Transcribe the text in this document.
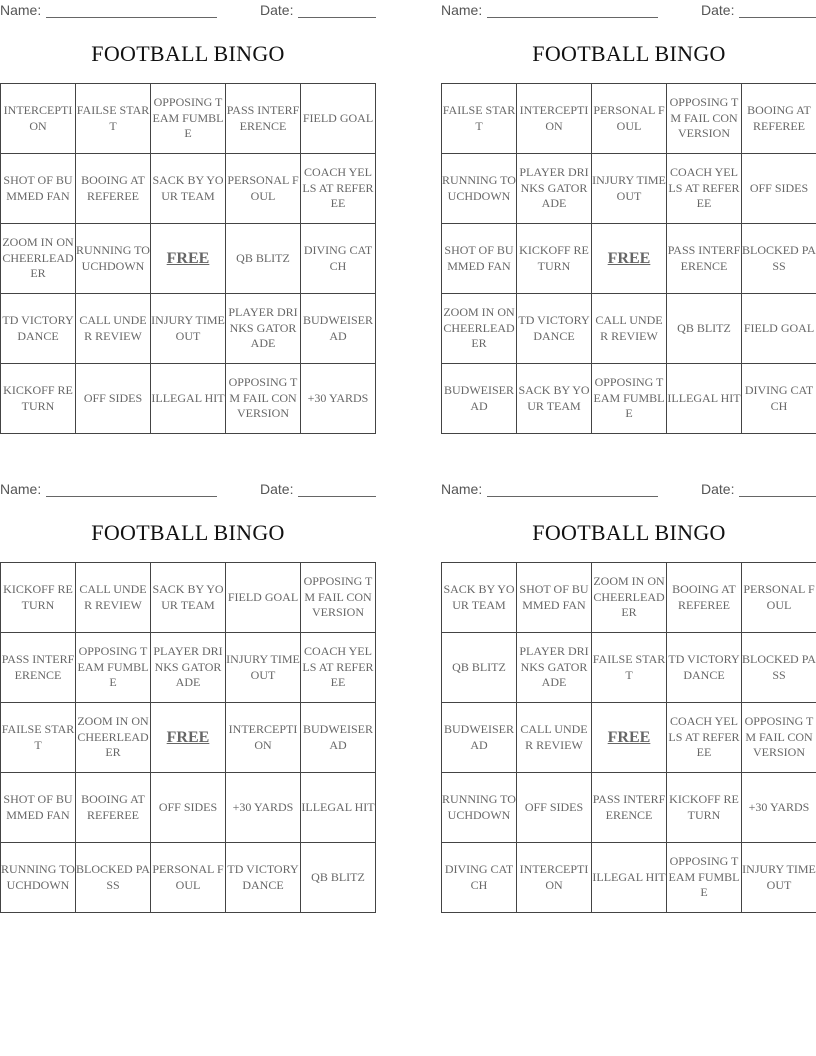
Name:	Date:
FOOTBALL BINGO
INTERCEPTION	FAILSE START	OPPOSING TEAM FUMBLE	PASS INTERFERENCE	FIELD GOAL
SHOT OF BUMMED FAN	BOOING AT REFEREE	SACK BY YOUR TEAM	PERSONAL FOUL	COACH YELLS AT REFEREE
ZOOM IN ON CHEERLEADER	RUNNING TOUCHDOWN	FREE	QB BLITZ	DIVING CATCH
TD VICTORY DANCE	CALL UNDER REVIEW	INJURY TIME OUT	PLAYER DRINKS GATORADE	BUDWEISER AD
KICKOFF RETURN	OFF SIDES	ILLEGAL HIT	OPPOSING TM FAIL CONVERSION	+30 YARDS
Name:	Date:
FOOTBALL BINGO
FAILSE START	INTERCEPTION	PERSONAL FOUL	OPPOSING TM FAIL CONVERSION	BOOING AT REFEREE
RUNNING TOUCHDOWN	PLAYER DRINKS GATORADE	INJURY TIME OUT	COACH YELLS AT REFEREE	OFF SIDES
SHOT OF BUMMED FAN	KICKOFF RETURN	FREE	PASS INTERFERENCE	BLOCKED PASS
ZOOM IN ON CHEERLEADER	TD VICTORY DANCE	CALL UNDER REVIEW	QB BLITZ	FIELD GOAL
BUDWEISER AD	SACK BY YOUR TEAM	OPPOSING TEAM FUMBLE	ILLEGAL HIT	DIVING CATCH
Name:	Date:
FOOTBALL BINGO
KICKOFF RETURN	CALL UNDER REVIEW	SACK BY YOUR TEAM	FIELD GOAL	OPPOSING TM FAIL CONVERSION
PASS INTERFERENCE	OPPOSING TEAM FUMBLE	PLAYER DRINKS GATORADE	INJURY TIME OUT	COACH YELLS AT REFEREE
FAILSE START	ZOOM IN ON CHEERLEADER	FREE	INTERCEPTION	BUDWEISER AD
SHOT OF BUMMED FAN	BOOING AT REFEREE	OFF SIDES	+30 YARDS	ILLEGAL HIT
RUNNING TOUCHDOWN	BLOCKED PASS	PERSONAL FOUL	TD VICTORY DANCE	QB BLITZ
Name:	Date:
FOOTBALL BINGO
SACK BY YOUR TEAM	SHOT OF BUMMED FAN	ZOOM IN ON CHEERLEADER	BOOING AT REFEREE	PERSONAL FOUL
QB BLITZ	PLAYER DRINKS GATORADE	FAILSE START	TD VICTORY DANCE	BLOCKED PASS
BUDWEISER AD	CALL UNDER REVIEW	FREE	COACH YELLS AT REFEREE	OPPOSING TM FAIL CONVERSION
RUNNING TOUCHDOWN	OFF SIDES	PASS INTERFERENCE	KICKOFF RETURN	+30 YARDS
DIVING CATCH	INTERCEPTION	ILLEGAL HIT	OPPOSING TEAM FUMBLE	INJURY TIME OUT
